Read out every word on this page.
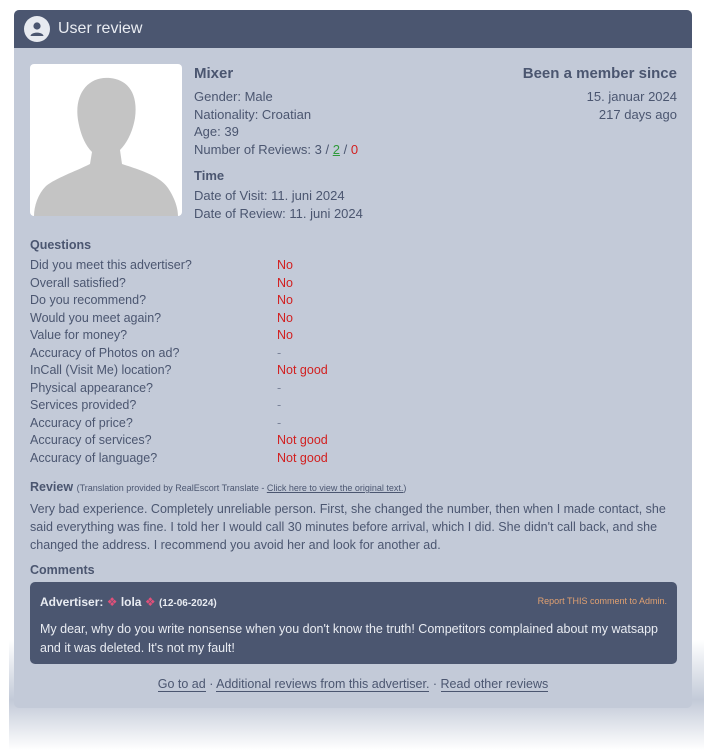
User review
Mixer
Gender: Male
Nationality: Croatian
Age: 39
Number of Reviews: 3 / 2 / 0
Time
Date of Visit: 11. juni 2024
Date of Review: 11. juni 2024
Been a member since
15. januar 2024
217 days ago
Questions
Did you meet this advertiser?	No
Overall satisfied?	No
Do you recommend?	No
Would you meet again?	No
Value for money?	No
Accuracy of Photos on ad?	-
InCall (Visit Me) location?	Not good
Physical appearance?	-
Services provided?	-
Accuracy of price?	-
Accuracy of services?	Not good
Accuracy of language?	Not good
Review (Translation provided by RealEscort Translate - Click here to view the original text.)

Very bad experience. Completely unreliable person. First, she changed the number, then when I made contact, she said everything was fine. I told her I would call 30 minutes before arrival, which I did. She didn't call back, and she changed the address. I recommend you avoid her and look for another ad.

Comments
Advertiser: ❖ lola ❖ (12-06-2024)	Report THIS comment to Admin.
My dear, why do you write nonsense when you don't know the truth! Competitors complained about my watsapp and it was deleted. It's not my fault!
Go to ad · Additional reviews from this advertiser. · Read other reviews
